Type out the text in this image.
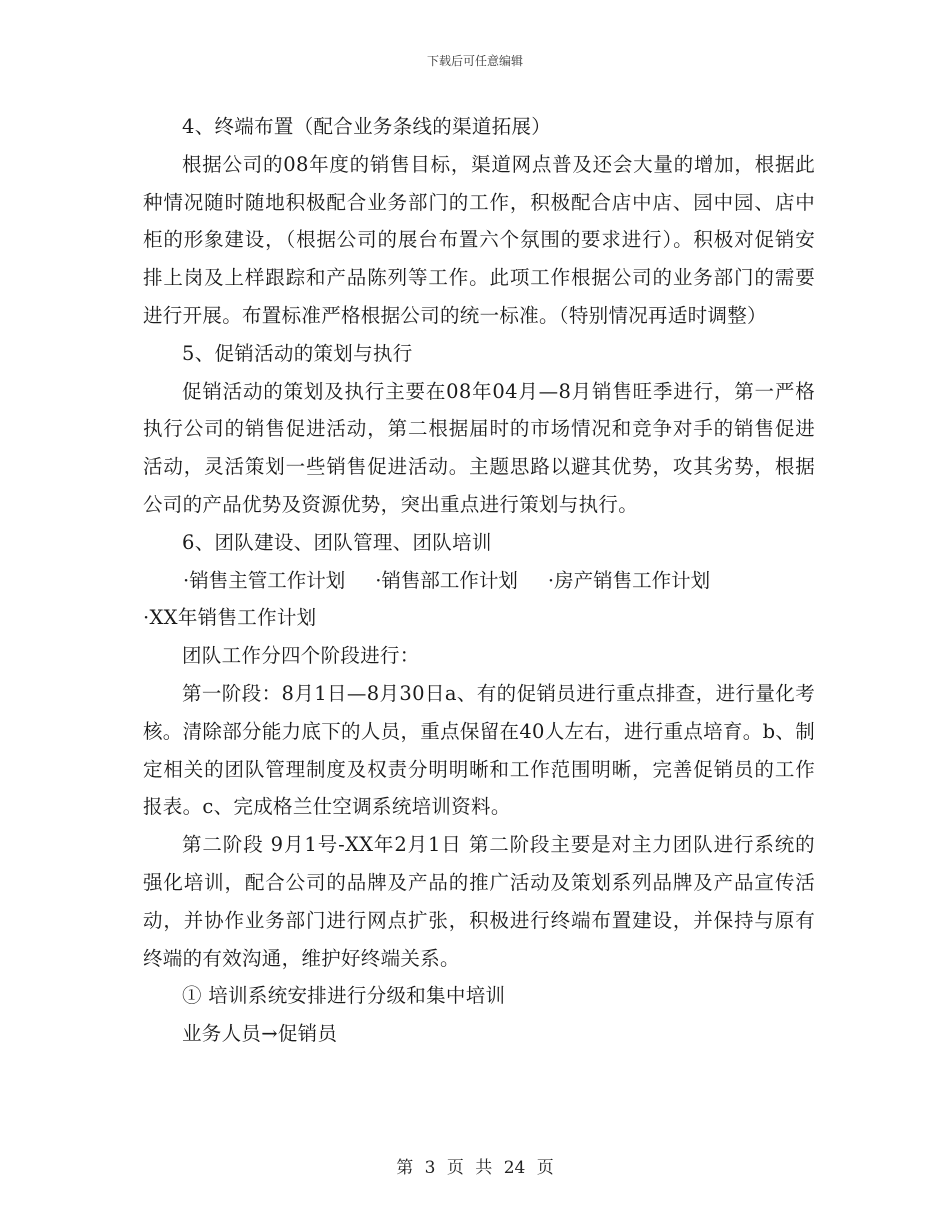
下载后可任意编辑

4、终端布置（配合业务条线的渠道拓展）

根据公司的08年度的销售目标，渠道网点普及还会大量的增加，根据此种情况随时随地积极配合业务部门的工作，积极配合店中店、园中园、店中柜的形象建设，（根据公司的展台布置六个氛围的要求进行）。积极对促销安排上岗及上样跟踪和产品陈列等工作。此项工作根据公司的业务部门的需要进行开展。布置标准严格根据公司的统一标准。（特别情况再适时调整）

5、促销活动的策划与执行

促销活动的策划及执行主要在08年04月—8月销售旺季进行，第一严格执行公司的销售促进活动，第二根据届时的市场情况和竞争对手的销售促进活动，灵活策划一些销售促进活动。主题思路以避其优势，攻其劣势，根据公司的产品优势及资源优势，突出重点进行策划与执行。

6、团队建设、团队管理、团队培训

·销售主管工作计划 ·销售部工作计划 ·房产销售工作计划

·XX年销售工作计划

团队工作分四个阶段进行：

第一阶段：8月1日—8月30日a、有的促销员进行重点排查，进行量化考核。清除部分能力底下的人员，重点保留在40人左右，进行重点培育。b、制定相关的团队管理制度及权责分明明晰和工作范围明晰，完善促销员的工作报表。c、完成格兰仕空调系统培训资料。

第二阶段 9月1号-XX年2月1日 第二阶段主要是对主力团队进行系统的强化培训，配合公司的品牌及产品的推广活动及策划系列品牌及产品宣传活动，并协作业务部门进行网点扩张，积极进行终端布置建设，并保持与原有终端的有效沟通，维护好终端关系。

① 培训系统安排进行分级和集中培训

业务人员→促销员

第 3 页 共 24 页
